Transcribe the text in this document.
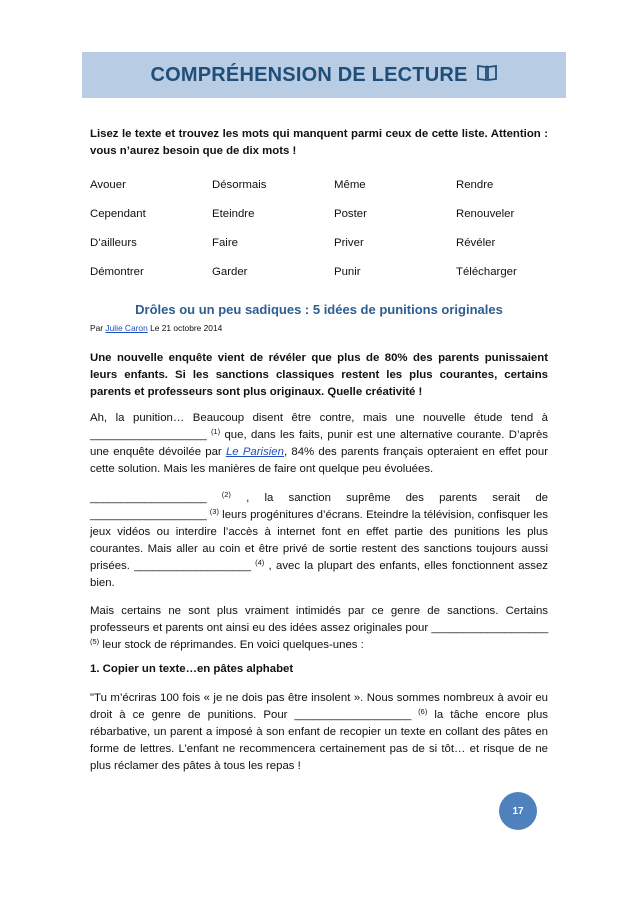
COMPRÉHENSION DE LECTURE
Lisez le texte et trouvez les mots qui manquent parmi ceux de cette liste. Attention : vous n’aurez besoin que de dix mots !
Avouer	Désormais	Même	Rendre
Cependant	Eteindre	Poster	Renouveler
D’ailleurs	Faire	Priver	Révéler
Démontrer	Garder	Punir	Télécharger
Drôles ou un peu sadiques : 5 idées de punitions originales
Par Julie Caron Le 21 octobre 2014
Une nouvelle enquête vient de révéler que plus de 80% des parents punissaient leurs enfants. Si les sanctions classiques restent les plus courantes, certains parents et professeurs sont plus originaux. Quelle créativité !
Ah, la punition… Beaucoup disent être contre, mais une nouvelle étude tend à ___________________ $^{(1)}$ que, dans les faits, punir est une alternative courante. D’après une enquête dévoilée par Le Parisien, 84% des parents français opteraient en effet pour cette solution. Mais les manières de faire ont quelque peu évoluées.
___________________ $^{(2)}$ , la sanction suprême des parents serait de ___________________ $^{(3)}$ leurs progénitures d’écrans. Eteindre la télévision, confisquer les jeux vidéos ou interdire l’accès à internet font en effet partie des punitions les plus courantes. Mais aller au coin et être privé de sortie restent des sanctions toujours aussi prisées. ___________________ $^{(4)}$ , avec la plupart des enfants, elles fonctionnent assez bien.
Mais certains ne sont plus vraiment intimidés par ce genre de sanctions. Certains professeurs et parents ont ainsi eu des idées assez originales pour ___________________ $^{(5)}$ leur stock de réprimandes. En voici quelques-unes :
1. Copier un texte…en pâtes alphabet
"Tu m’écriras 100 fois « je ne dois pas être insolent ». Nous sommes nombreux à avoir eu droit à ce genre de punitions. Pour ___________________ $^{(6)}$ la tâche encore plus rébarbative, un parent a imposé à son enfant de recopier un texte en collant des pâtes en forme de lettres. L’enfant ne recommencera certainement pas de si tôt… et risque de ne plus réclamer des pâtes à tous les repas !
17
